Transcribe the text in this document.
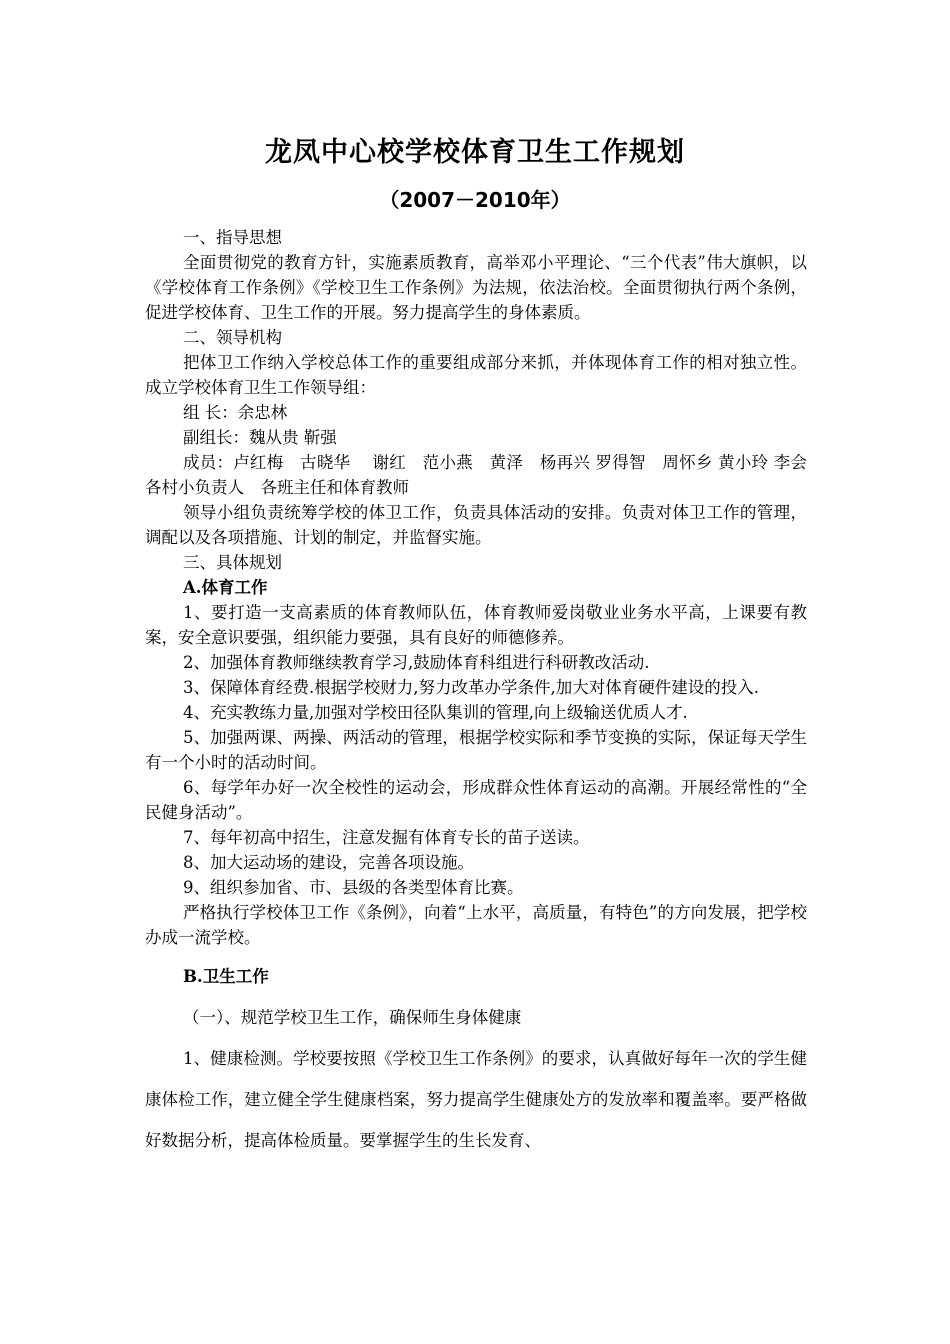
龙凤中心校学校体育卫生工作规划
（2007－2010年）

一、指导思想

全面贯彻党的教育方针，实施素质教育，高举邓小平理论、“三个代表”伟大旗帜，以《学校体育工作条例》《学校卫生工作条例》为法规，依法治校。全面贯彻执行两个条例，促进学校体育、卫生工作的开展。努力提高学生的身体素质。

二、领导机构

把体卫工作纳入学校总体工作的重要组成部分来抓，并体现体育工作的相对独立性。成立学校体育卫生工作领导组：

组 长：余忠林

副组长：魏从贵 靳强

成员：卢红梅　古晓华　 谢红　范小燕　黄泽　杨再兴 罗得智　周怀乡 黄小玲 李会 各村小负责人　各班主任和体育教师

领导小组负责统筹学校的体卫工作，负责具体活动的安排。负责对体卫工作的管理，调配以及各项措施、计划的制定，并监督实施。

三、具体规划

A.体育工作

1、要打造一支高素质的体育教师队伍，体育教师爱岗敬业业务水平高，上课要有教案，安全意识要强，组织能力要强，具有良好的师德修养。

2、加强体育教师继续教育学习,鼓励体育科组进行科研教改活动.

3、保障体育经费.根据学校财力,努力改革办学条件,加大对体育硬件建设的投入.

4、充实教练力量,加强对学校田径队集训的管理,向上级输送优质人才.

5、加强两课、两操、两活动的管理，根据学校实际和季节变换的实际，保证每天学生有一个小时的活动时间。

6、每学年办好一次全校性的运动会，形成群众性体育运动的高潮。开展经常性的“全民健身活动”。

7、每年初高中招生，注意发掘有体育专长的苗子送读。

8、加大运动场的建设，完善各项设施。

9、组织参加省、市、县级的各类型体育比赛。

严格执行学校体卫工作《条例》，向着“上水平，高质量，有特色”的方向发展，把学校办成一流学校。

B.卫生工作

（一）、规范学校卫生工作，确保师生身体健康

1、健康检测。学校要按照《学校卫生工作条例》的要求，认真做好每年一次的学生健康体检工作，建立健全学生健康档案，努力提高学生健康处方的发放率和覆盖率。要严格做好数据分析，提高体检质量。要掌握学生的生长发育、
